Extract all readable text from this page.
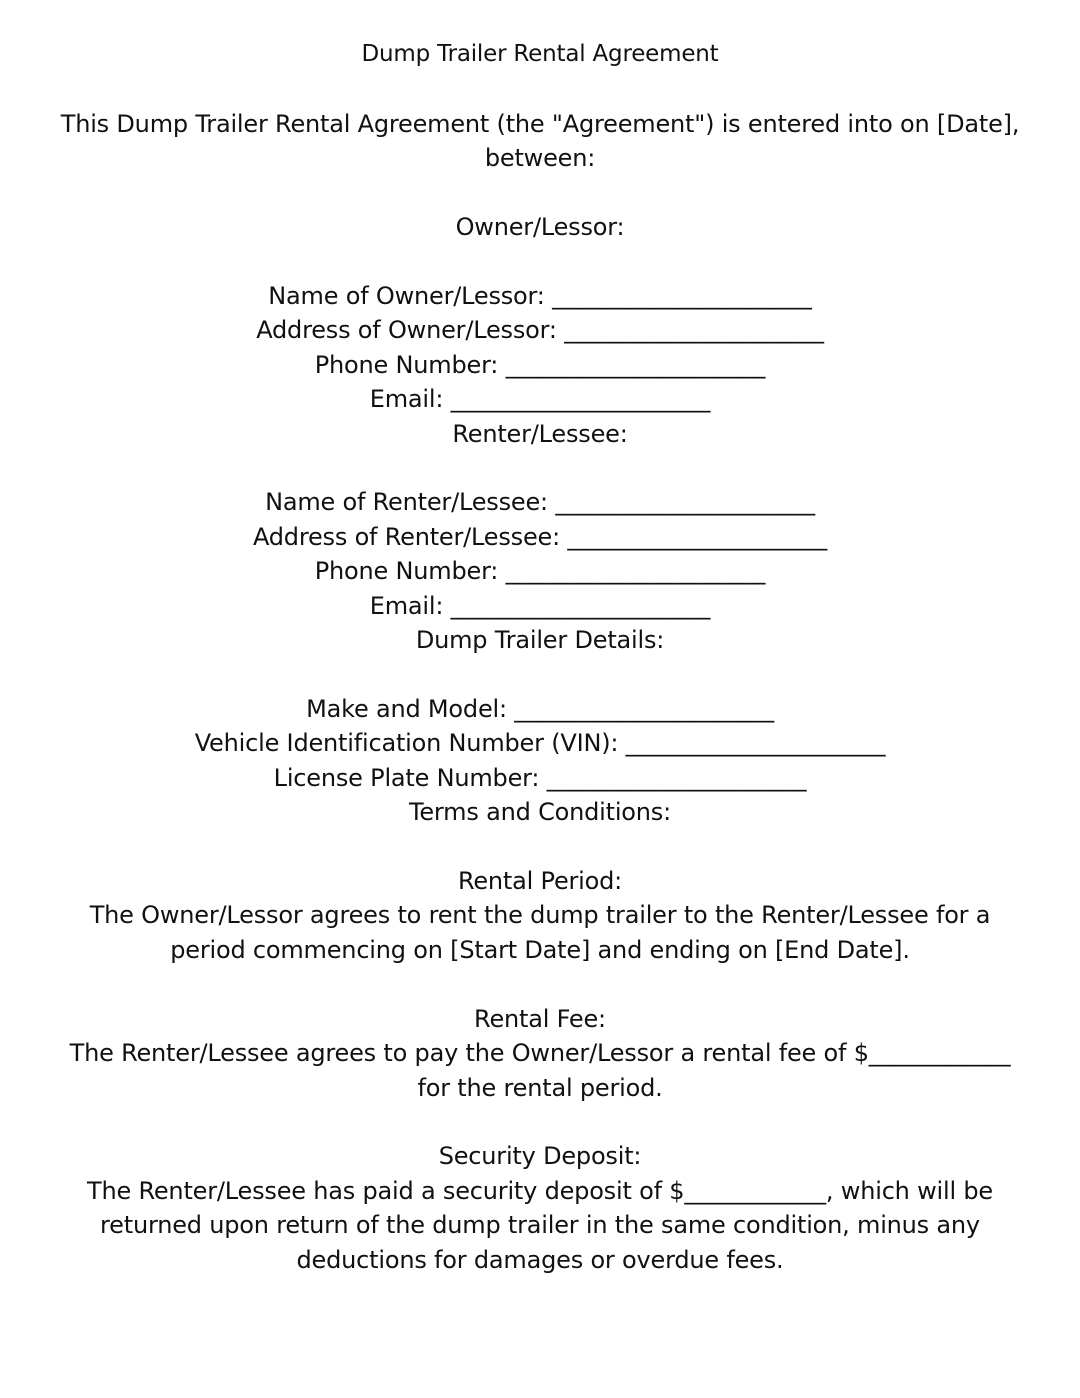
Dump Trailer Rental Agreement
This Dump Trailer Rental Agreement (the "Agreement") is entered into on [Date],
between:
Owner/Lessor:
Name of Owner/Lessor: ______________________
Address of Owner/Lessor: ______________________
Phone Number: ______________________
Email: ______________________
Renter/Lessee:
Name of Renter/Lessee: ______________________
Address of Renter/Lessee: ______________________
Phone Number: ______________________
Email: ______________________
Dump Trailer Details:
Make and Model: ______________________
Vehicle Identification Number (VIN): ______________________
License Plate Number: ______________________
Terms and Conditions:
Rental Period:
The Owner/Lessor agrees to rent the dump trailer to the Renter/Lessee for a
period commencing on [Start Date] and ending on [End Date].
Rental Fee:
The Renter/Lessee agrees to pay the Owner/Lessor a rental fee of $____________
for the rental period.
Security Deposit:
The Renter/Lessee has paid a security deposit of $____________, which will be
returned upon return of the dump trailer in the same condition, minus any
deductions for damages or overdue fees.
